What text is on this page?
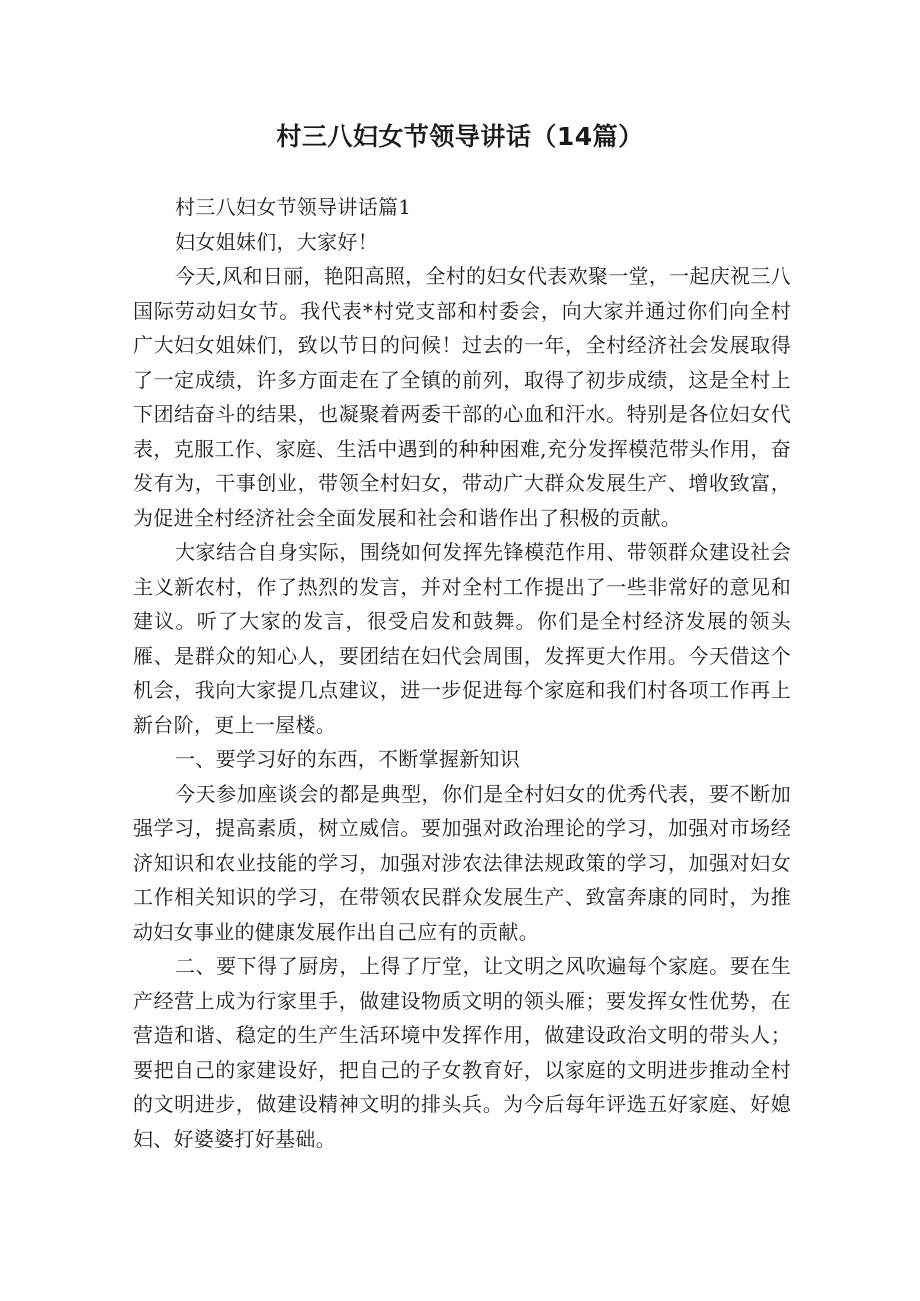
村三八妇女节领导讲话（14篇）

村三八妇女节领导讲话篇1

妇女姐妹们，大家好！

今天,风和日丽，艳阳高照，全村的妇女代表欢聚一堂，一起庆祝三八国际劳动妇女节。我代表*村党支部和村委会，向大家并通过你们向全村广大妇女姐妹们，致以节日的问候！过去的一年，全村经济社会发展取得了一定成绩，许多方面走在了全镇的前列，取得了初步成绩，这是全村上下团结奋斗的结果，也凝聚着两委干部的心血和汗水。特别是各位妇女代表，克服工作、家庭、生活中遇到的种种困难,充分发挥模范带头作用，奋发有为，干事创业，带领全村妇女，带动广大群众发展生产、增收致富，为促进全村经济社会全面发展和社会和谐作出了积极的贡献。

大家结合自身实际，围绕如何发挥先锋模范作用、带领群众建设社会主义新农村，作了热烈的发言，并对全村工作提出了一些非常好的意见和建议。听了大家的发言，很受启发和鼓舞。你们是全村经济发展的领头雁、是群众的知心人，要团结在妇代会周围，发挥更大作用。今天借这个机会，我向大家提几点建议，进一步促进每个家庭和我们村各项工作再上新台阶，更上一屋楼。

一、要学习好的东西，不断掌握新知识

今天参加座谈会的都是典型，你们是全村妇女的优秀代表，要不断加强学习，提高素质，树立威信。要加强对政治理论的学习，加强对市场经济知识和农业技能的学习，加强对涉农法律法规政策的学习，加强对妇女工作相关知识的学习，在带领农民群众发展生产、致富奔康的同时，为推动妇女事业的健康发展作出自己应有的贡献。

二、要下得了厨房，上得了厅堂，让文明之风吹遍每个家庭。要在生产经营上成为行家里手，做建设物质文明的领头雁；要发挥女性优势，在营造和谐、稳定的生产生活环境中发挥作用，做建设政治文明的带头人；要把自己的家建设好，把自己的子女教育好，以家庭的文明进步推动全村的文明进步，做建设精神文明的排头兵。为今后每年评选五好家庭、好媳妇、好婆婆打好基础。
